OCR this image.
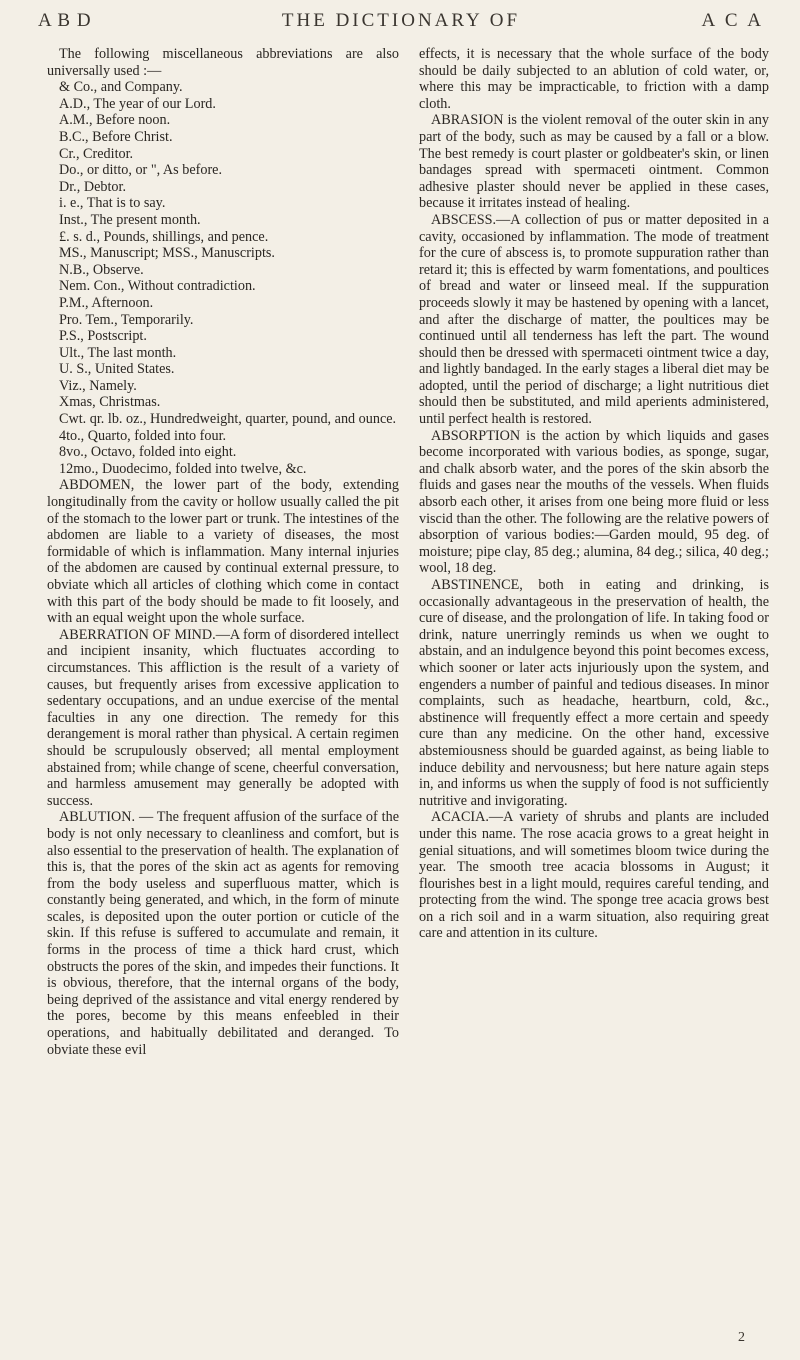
A B D	THE DICTIONARY OF	A C A

The following miscellaneous abbreviations are also universally used :—

& Co., and Company.
A.D., The year of our Lord.
A.M., Before noon.
B.C., Before Christ.
Cr., Creditor.
Do., or ditto, or ", As before.
Dr., Debtor.
i. e., That is to say.
Inst., The present month.
£. s. d., Pounds, shillings, and pence.
MS., Manuscript; MSS., Manuscripts.
N.B., Observe.
Nem. Con., Without contradiction.
P.M., Afternoon.
Pro. Tem., Temporarily.
P.S., Postscript.
Ult., The last month.
U. S., United States.
Viz., Namely.
Xmas, Christmas.
Cwt. qr. lb. oz., Hundredweight, quarter, pound, and ounce.
4to., Quarto, folded into four.
8vo., Octavo, folded into eight.
12mo., Duodecimo, folded into twelve, &c.

ABDOMEN, the lower part of the body, extending longitudinally from the cavity or hollow usually called the pit of the stomach to the lower part or trunk. The intestines of the abdomen are liable to a variety of diseases, the most formidable of which is inflammation. Many internal injuries of the abdomen are caused by continual external pressure, to obviate which all articles of clothing which come in contact with this part of the body should be made to fit loosely, and with an equal weight upon the whole surface.

ABERRATION OF MIND.—A form of disordered intellect and incipient insanity, which fluctuates according to circumstances. This affliction is the result of a variety of causes, but frequently arises from excessive application to sedentary occupations, and an undue exercise of the mental faculties in any one direction. The remedy for this derangement is moral rather than physical. A certain regimen should be scrupulously observed; all mental employment abstained from; while change of scene, cheerful conversation, and harmless amusement may generally be adopted with success.

ABLUTION. — The frequent affusion of the surface of the body is not only necessary to cleanliness and comfort, but is also essential to the preservation of health. The explanation of this is, that the pores of the skin act as agents for removing from the body useless and superfluous matter, which is constantly being generated, and which, in the form of minute scales, is deposited upon the outer portion or cuticle of the skin. If this refuse is suffered to accumulate and remain, it forms in the process of time a thick hard crust, which obstructs the pores of the skin, and impedes their functions. It is obvious, therefore, that the internal organs of the body, being deprived of the assistance and vital energy rendered by the pores, become by this means enfeebled in their operations, and habitually debilitated and deranged. To obviate these evil

effects, it is necessary that the whole surface of the body should be daily subjected to an ablution of cold water, or, where this may be impracticable, to friction with a damp cloth.

ABRASION is the violent removal of the outer skin in any part of the body, such as may be caused by a fall or a blow. The best remedy is court plaster or goldbeater's skin, or linen bandages spread with spermaceti ointment. Common adhesive plaster should never be applied in these cases, because it irritates instead of healing.

ABSCESS.—A collection of pus or matter deposited in a cavity, occasioned by inflammation. The mode of treatment for the cure of abscess is, to promote suppuration rather than retard it; this is effected by warm fomentations, and poultices of bread and water or linseed meal. If the suppuration proceeds slowly it may be hastened by opening with a lancet, and after the discharge of matter, the poultices may be continued until all tenderness has left the part. The wound should then be dressed with spermaceti ointment twice a day, and lightly bandaged. In the early stages a liberal diet may be adopted, until the period of discharge; a light nutritious diet should then be substituted, and mild aperients administered, until perfect health is restored.

ABSORPTION is the action by which liquids and gases become incorporated with various bodies, as sponge, sugar, and chalk absorb water, and the pores of the skin absorb the fluids and gases near the mouths of the vessels. When fluids absorb each other, it arises from one being more fluid or less viscid than the other. The following are the relative powers of absorption of various bodies:—Garden mould, 95 deg. of moisture; pipe clay, 85 deg.; alumina, 84 deg.; silica, 40 deg.; wool, 18 deg.

ABSTINENCE, both in eating and drinking, is occasionally advantageous in the preservation of health, the cure of disease, and the prolongation of life. In taking food or drink, nature unerringly reminds us when we ought to abstain, and an indulgence beyond this point becomes excess, which sooner or later acts injuriously upon the system, and engenders a number of painful and tedious diseases. In minor complaints, such as headache, heartburn, cold, &c., abstinence will frequently effect a more certain and speedy cure than any medicine. On the other hand, excessive abstemiousness should be guarded against, as being liable to induce debility and nervousness; but here nature again steps in, and informs us when the supply of food is not sufficiently nutritive and invigorating.

ACACIA.—A variety of shrubs and plants are included under this name. The rose acacia grows to a great height in genial situations, and will sometimes bloom twice during the year. The smooth tree acacia blossoms in August; it flourishes best in a light mould, requires careful tending, and protecting from the wind. The sponge tree acacia grows best on a rich soil and in a warm situation, also requiring great care and attention in its culture.

2
